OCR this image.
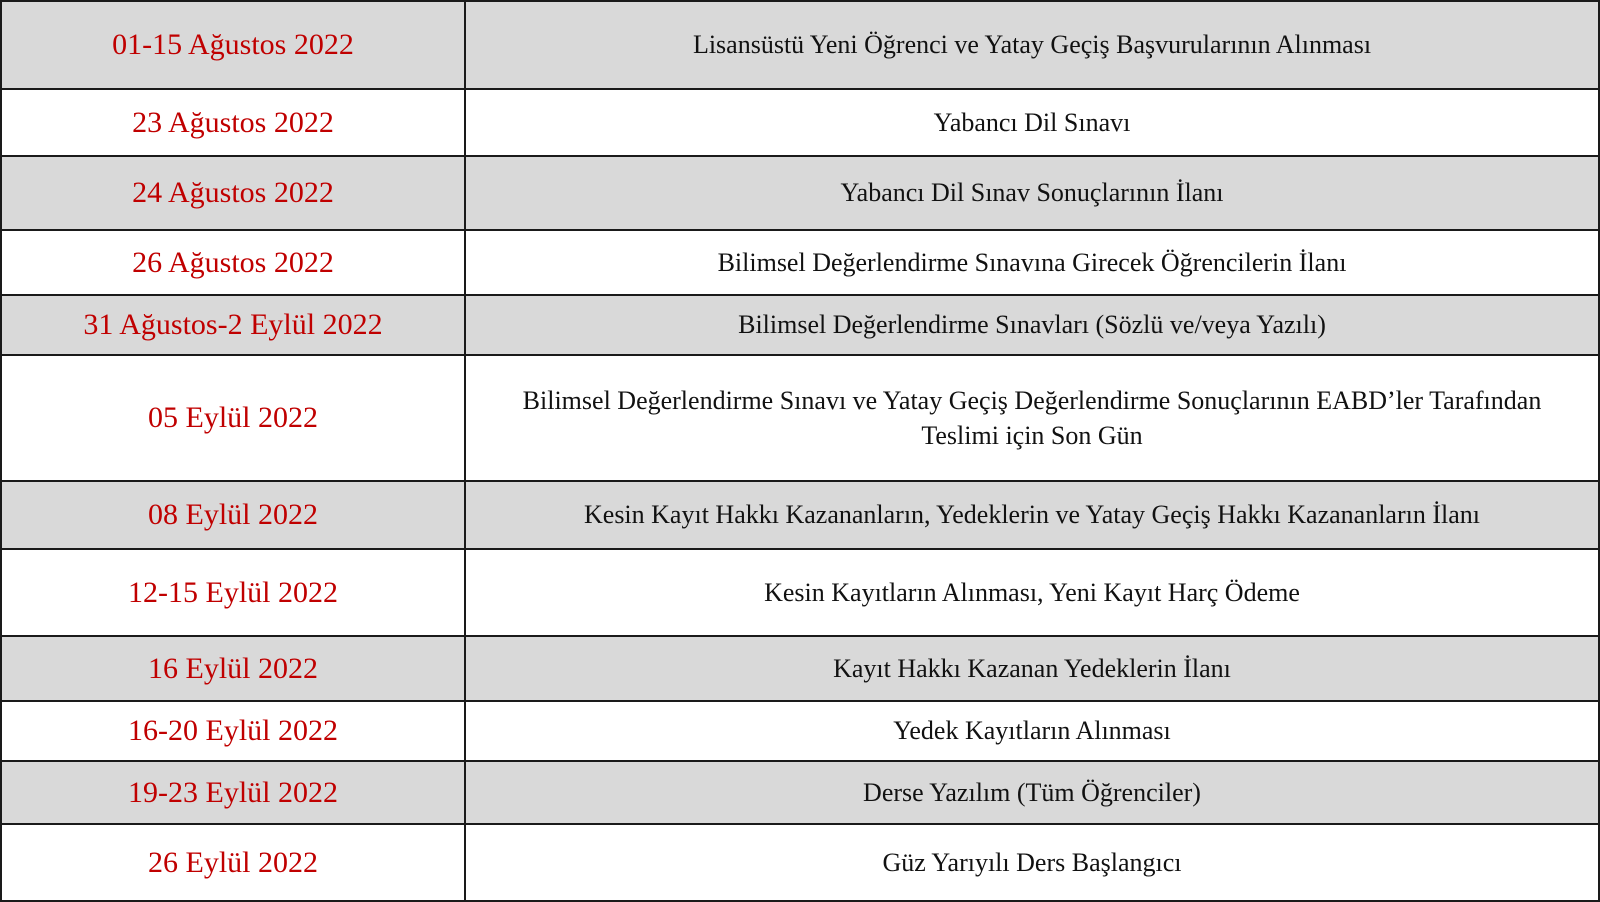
01-15 Ağustos 2022	Lisansüstü Yeni Öğrenci ve Yatay Geçiş Başvurularının Alınması
23 Ağustos 2022	Yabancı Dil Sınavı
24 Ağustos 2022	Yabancı Dil Sınav Sonuçlarının İlanı
26 Ağustos 2022	Bilimsel Değerlendirme Sınavına Girecek Öğrencilerin İlanı
31 Ağustos-2 Eylül 2022	Bilimsel Değerlendirme Sınavları (Sözlü ve/veya Yazılı)
05 Eylül 2022	Bilimsel Değerlendirme Sınavı ve Yatay Geçiş Değerlendirme Sonuçlarının EABD’ler Tarafından Teslimi için Son Gün
08 Eylül 2022	Kesin Kayıt Hakkı Kazananların, Yedeklerin ve Yatay Geçiş Hakkı Kazananların İlanı
12-15 Eylül 2022	Kesin Kayıtların Alınması, Yeni Kayıt Harç Ödeme
16 Eylül 2022	Kayıt Hakkı Kazanan Yedeklerin İlanı
16-20 Eylül 2022	Yedek Kayıtların Alınması
19-23 Eylül 2022	Derse Yazılım (Tüm Öğrenciler)
26 Eylül 2022	Güz Yarıyılı Ders Başlangıcı
